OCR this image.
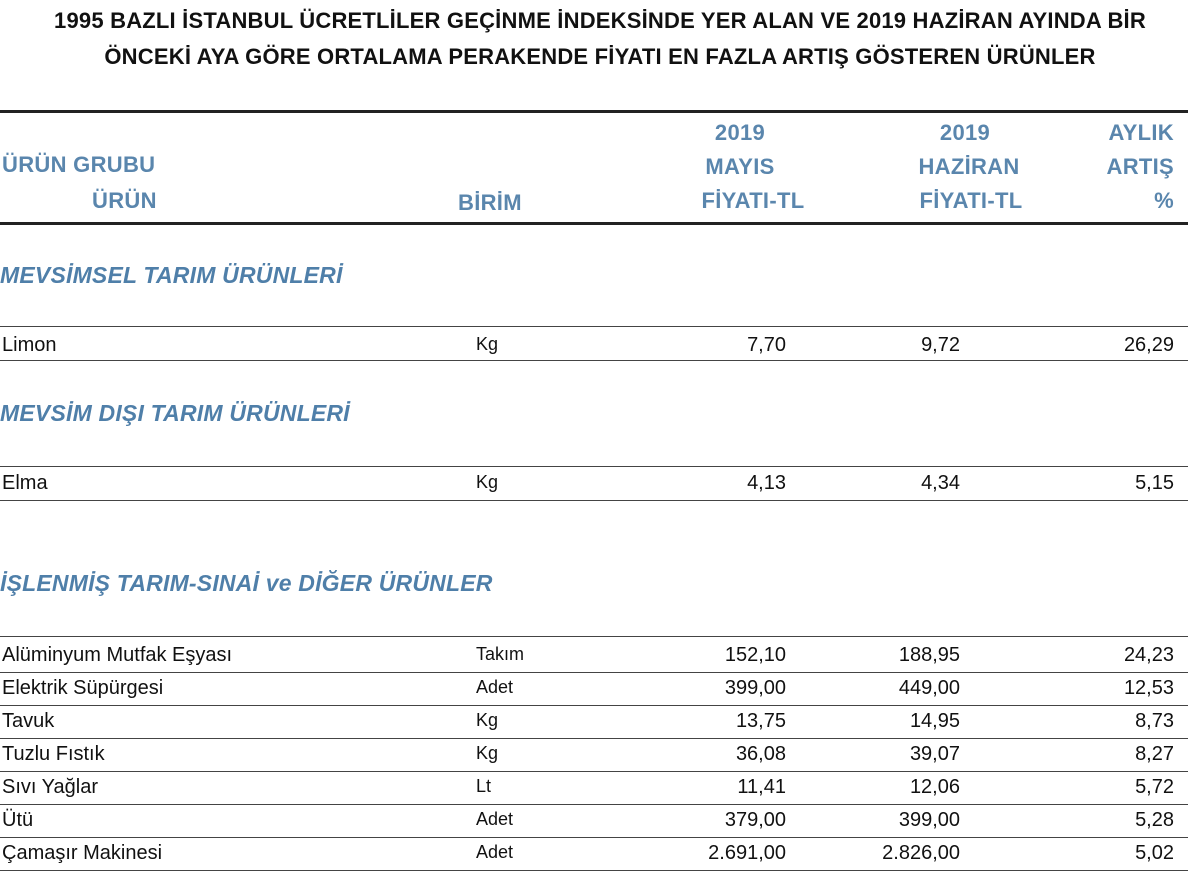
1995 BAZLI İSTANBUL ÜCRETLİLER GEÇİNME İNDEKSİNDE YER ALAN VE 2019 HAZİRAN AYINDA BİR
ÖNCEKİ AYA GÖRE ORTALAMA PERAKENDE FİYATI EN FAZLA ARTIŞ GÖSTEREN ÜRÜNLER
ÜRÜN GRUBU
ÜRÜN	BİRİM
2019
MAYIS
FİYATI-TL
2019
HAZİRAN
FİYATI-TL
AYLIK
ARTIŞ
%
MEVSİMSEL TARIM ÜRÜNLERİ
Limon	Kg	7,70	9,72	26,29
MEVSİM DIŞI TARIM ÜRÜNLERİ
Elma	Kg	4,13	4,34	5,15
İŞLENMİŞ TARIM-SINAİ ve DİĞER ÜRÜNLER
Alüminyum Mutfak Eşyası	Takım	152,10	188,95	24,23
Elektrik Süpürgesi	Adet	399,00	449,00	12,53
Tavuk	Kg	13,75	14,95	8,73
Tuzlu Fıstık	Kg	36,08	39,07	8,27
Sıvı Yağlar	Lt	11,41	12,06	5,72
Ütü	Adet	379,00	399,00	5,28
Çamaşır Makinesi	Adet	2.691,00	2.826,00	5,02
